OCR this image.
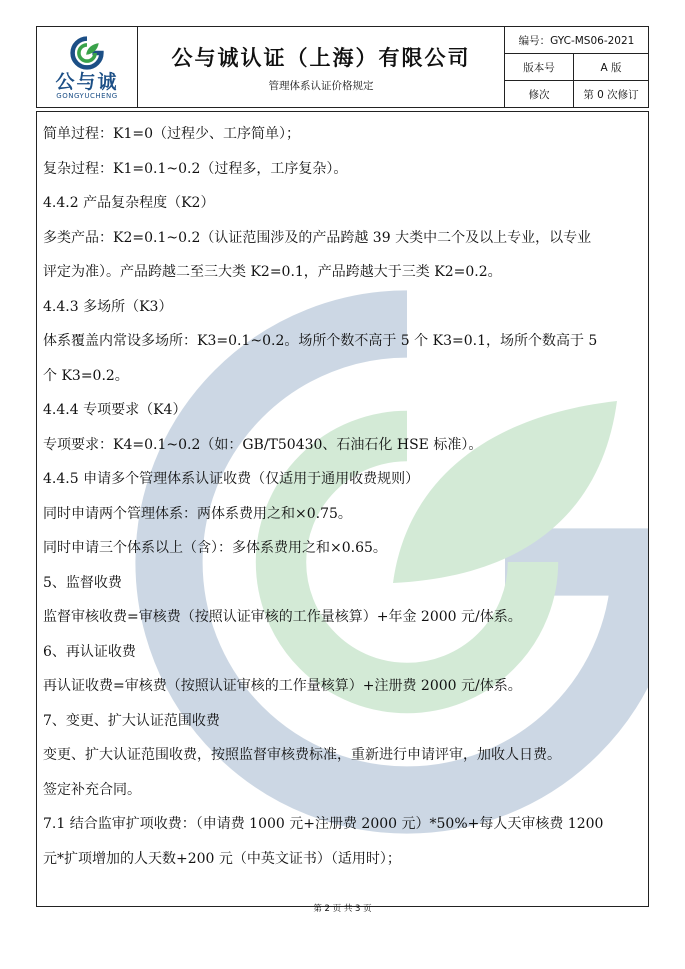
公与诚
GONGYUCHENG
公与诚认证（上海）有限公司
管理体系认证价格规定
编号：GYC-MS06-2021
版本号	A 版
修次	第 0 次修订
简单过程：K1=0（过程少、工序简单）；
复杂过程：K1=0.1~0.2（过程多，工序复杂）。
4.4.2 产品复杂程度（K2）
多类产品：K2=0.1~0.2（认证范围涉及的产品跨越 39 大类中二个及以上专业，以专业
评定为准）。产品跨越二至三大类 K2=0.1，产品跨越大于三类 K2=0.2。
4.4.3 多场所（K3）
体系覆盖内常设多场所：K3=0.1~0.2。场所个数不高于 5 个 K3=0.1，场所个数高于 5
个 K3=0.2。
4.4.4 专项要求（K4）
专项要求：K4=0.1~0.2（如：GB/T50430、石油石化 HSE 标准）。
4.4.5 申请多个管理体系认证收费（仅适用于通用收费规则）
同时申请两个管理体系：两体系费用之和×0.75。
同时申请三个体系以上（含）：多体系费用之和×0.65。
5、监督收费
监督审核收费=审核费（按照认证审核的工作量核算）+年金 2000 元/体系。
6、再认证收费
再认证收费=审核费（按照认证审核的工作量核算）+注册费 2000 元/体系。
7、变更、扩大认证范围收费
变更、扩大认证范围收费，按照监督审核费标准，重新进行申请评审，加收人日费。
签定补充合同。
7.1 结合监审扩项收费：（申请费 1000 元+注册费 2000 元）*50%+每人天审核费 1200
元*扩项增加的人天数+200 元（中英文证书）（适用时）；
第 2 页 共 3 页
